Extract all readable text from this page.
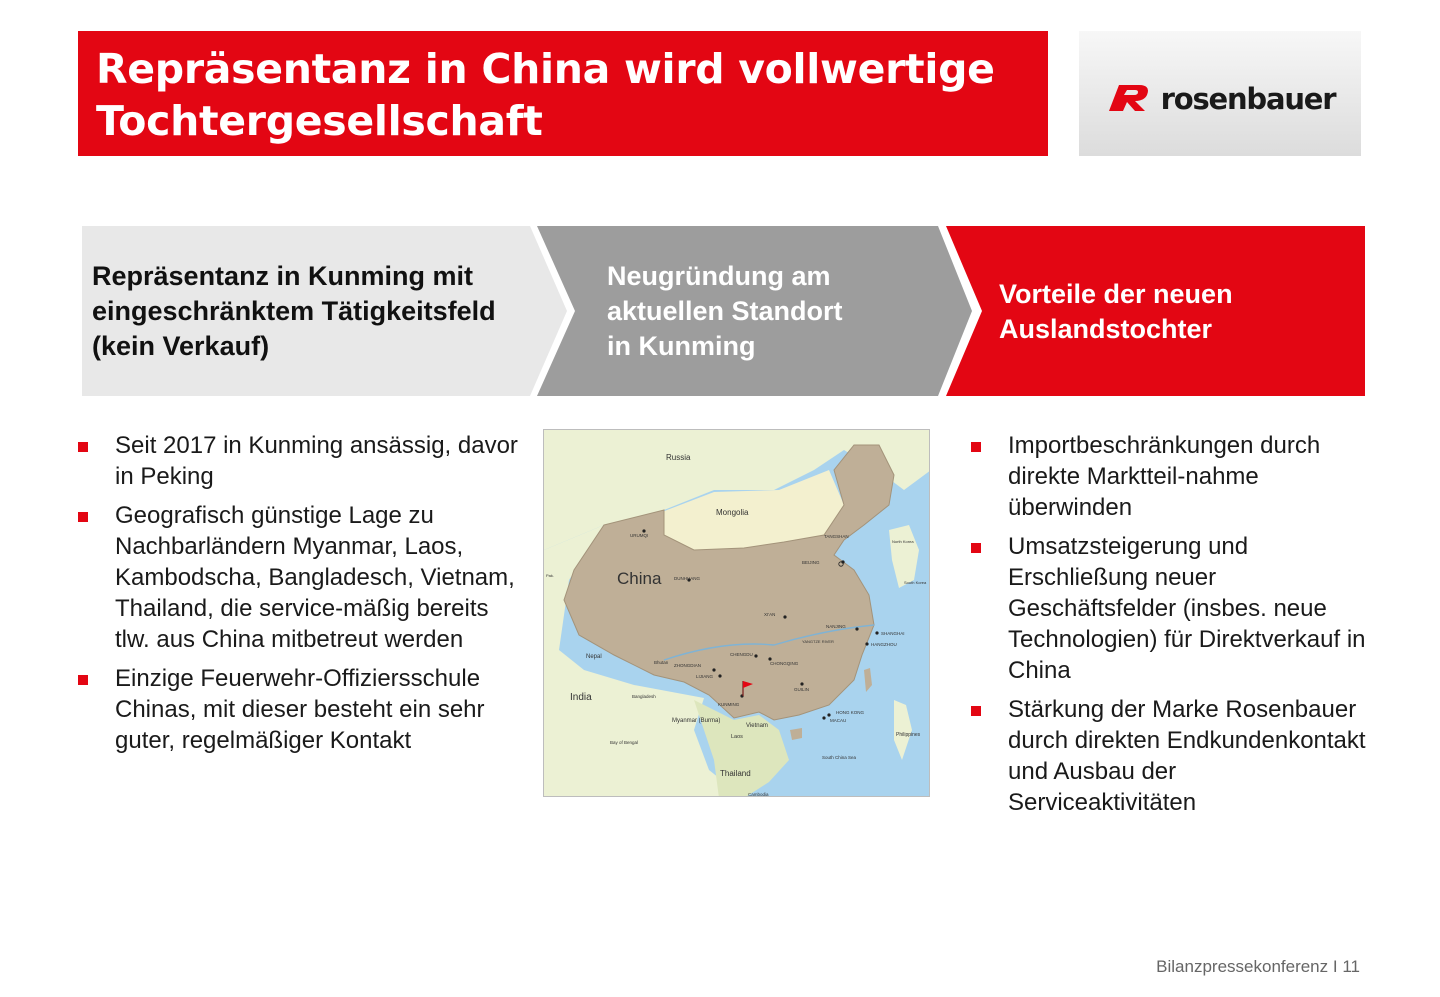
Repräsentanz in China wird vollwertige
Tochtergesellschaft	rosenbauer
Repräsentanz in Kunming mit
eingeschränktem Tätigkeitsfeld
(kein Verkauf)
Neugründung am
aktuellen Standort
in Kunming
Vorteile der neuen
Auslandstochter
Seit 2017 in Kunming ansässig, davor in Peking
Geografisch günstige Lage zu Nachbarländern Myanmar, Laos, Kambodscha, Bangladesch, Vietnam, Thailand, die service-mäßig bereits tlw. aus China mitbetreut werden
Einzige Feuerwehr-Offiziersschule Chinas, mit dieser besteht ein sehr guter, regelmäßiger Kontakt
Russia
Mongolia
China
India
Nepal
Bhutan
Bangladesh
Myanmar (Burma)
Laos
Vietnam
Thailand
Cambodia
Philippines
North Korea
South Korea
Pak.
Bay of Bengal
South China Sea
YANGTZE RIVER
URUMQI
DUNHUANG
TANGSHAN
BEIJING
XI'AN
NANJING
SHANGHAI
HANGZHOU
CHENGDU
CHONGQING
ZHONGDIAN
LIJIANG
KUNMING
GUILIN
HONG KONG
MACAU
Importbeschränkungen durch direkte Marktteil-nahme überwinden
Umsatzsteigerung und Erschließung neuer Geschäftsfelder (insbes. neue Technologien) für Direktverkauf in China
Stärkung der Marke Rosenbauer durch direkten Endkundenkontakt und Ausbau der Serviceaktivitäten
Bilanzpressekonferenz I 11
